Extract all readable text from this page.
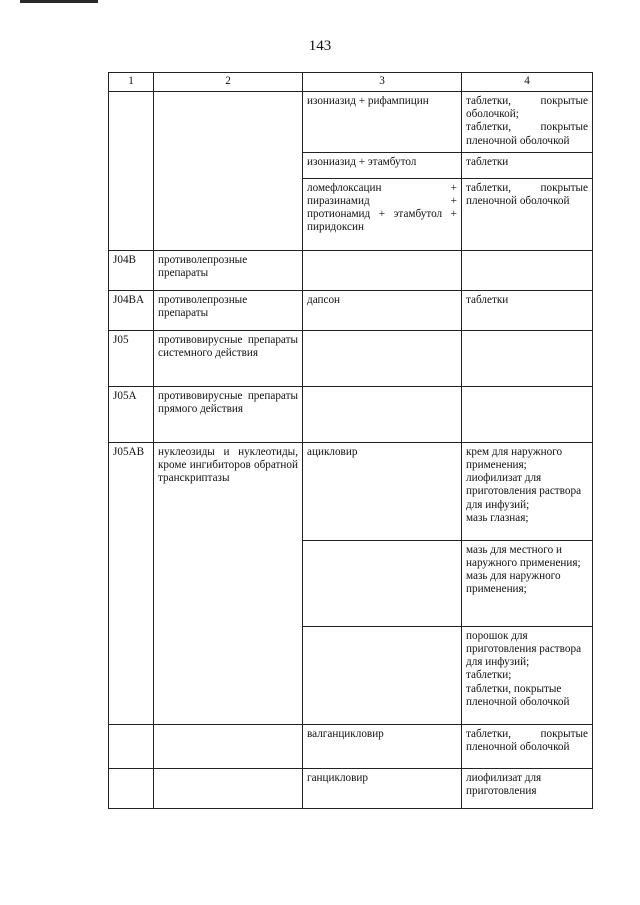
143
1	2	3	4
		изониазид + рифампицин	таблетки, покрытые оболочкой;
таблетки, покрытые пленочной оболочкой

		изониазид + этамбутол	таблетки

		ломефлоксацин +
пиразинамид +
протионамид + этамбутол +
пиридоксин	таблетки, покрытые пленочной оболочкой

J04B	противолепрозные препараты		
J04BA	противолепрозные препараты	дапсон	таблетки
J05	противовирусные препараты системного действия		
J05A	противовирусные препараты прямого действия		
J05AB	нуклеозиды и нуклеотиды, кроме ингибиторов обратной транскриптазы	ацикловир	крем для наружного применения;
лиофилизат для приготовления раствора для инфузий;
мазь глазная;

			мазь для местного и наружного применения;
мазь для наружного применения;

			порошок для приготовления раствора для инфузий;
таблетки;
таблетки, покрытые пленочной оболочкой

		валганцикловир	таблетки, покрытые пленочной оболочкой

		ганцикловир	лиофилизат для приготовления
